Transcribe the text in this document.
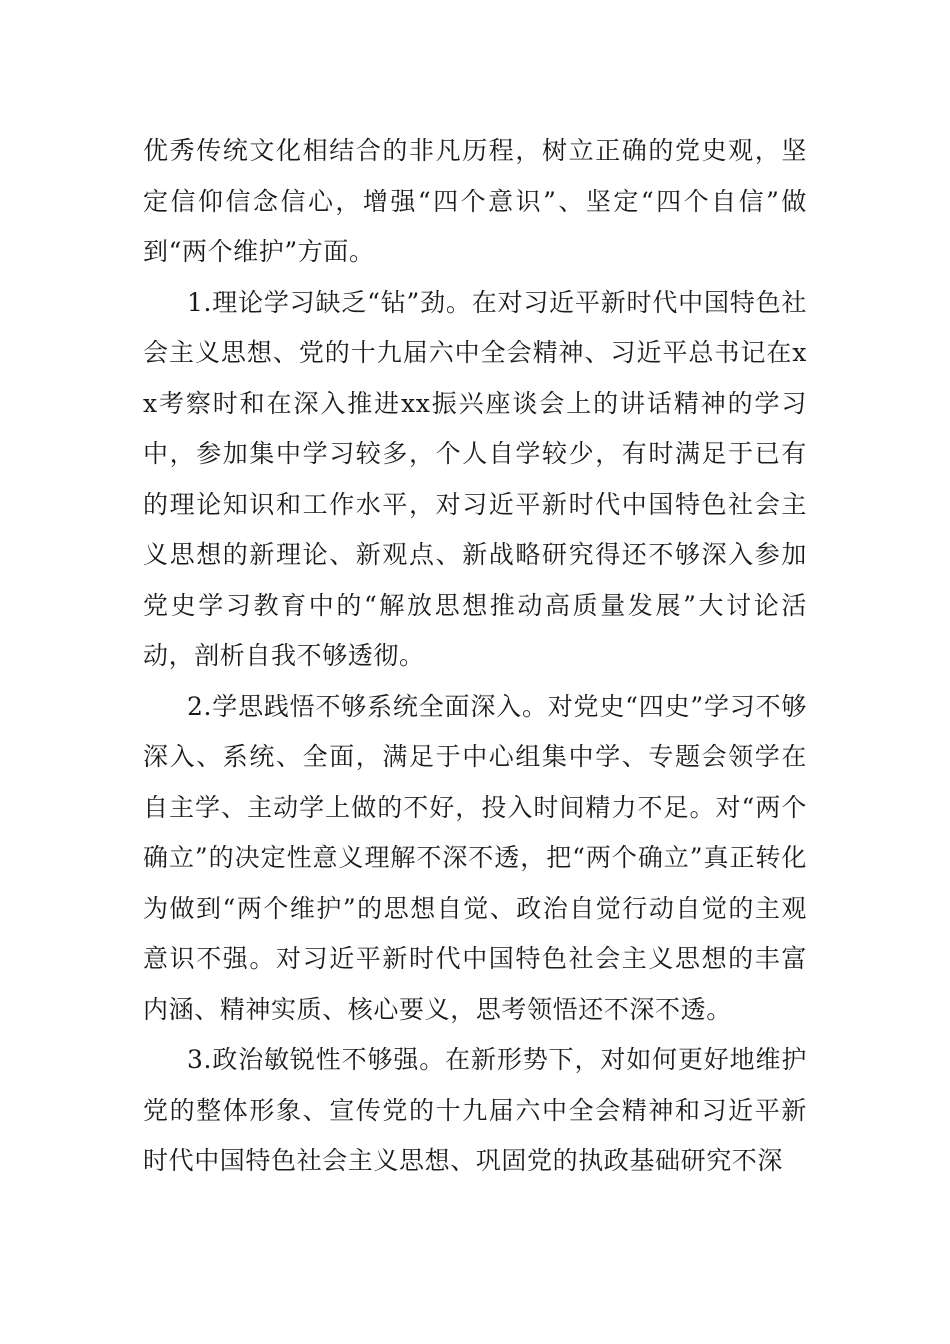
优秀传统文化相结合的非凡历程，树立正确的党史观，坚定信仰信念信心，增强“四个意识”、坚定“四个自信”做到“两个维护”方面。

1.理论学习缺乏“钻”劲。在对习近平新时代中国特色社会主义思想、党的十九届六中全会精神、习近平总书记在xx考察时和在深入推进xx振兴座谈会上的讲话精神的学习中，参加集中学习较多，个人自学较少，有时满足于已有的理论知识和工作水平，对习近平新时代中国特色社会主义思想的新理论、新观点、新战略研究得还不够深入参加党史学习教育中的“解放思想推动高质量发展”大讨论活动，剖析自我不够透彻。

2.学思践悟不够系统全面深入。对党史“四史”学习不够深入、系统、全面，满足于中心组集中学、专题会领学在自主学、主动学上做的不好，投入时间精力不足。对“两个确立”的决定性意义理解不深不透，把“两个确立”真正转化为做到“两个维护”的思想自觉、政治自觉行动自觉的主观意识不强。对习近平新时代中国特色社会主义思想的丰富内涵、精神实质、核心要义，思考领悟还不深不透。

3.政治敏锐性不够强。在新形势下，对如何更好地维护党的整体形象、宣传党的十九届六中全会精神和习近平新时代中国特色社会主义思想、巩固党的执政基础研究不深
